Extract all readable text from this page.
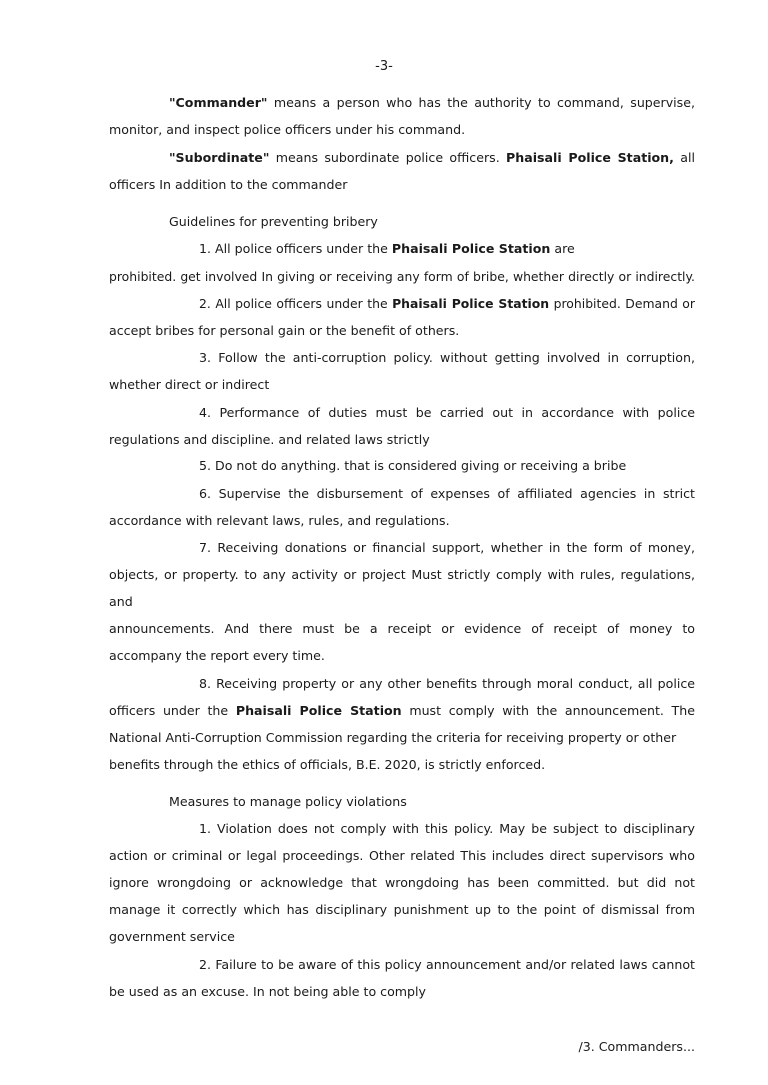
-3-
"Commander" means a person who has the authority to command, supervise,
monitor, and inspect police officers under his command.
"Subordinate" means subordinate police officers. Phaisali Police Station, all
officers In addition to the commander
Guidelines for preventing bribery
1. All police officers under the Phaisali Police Station are
prohibited. get involved In giving or receiving any form of bribe, whether directly or indirectly.
2. All police officers under the Phaisali Police Station prohibited. Demand or
accept bribes for personal gain or the benefit of others.
3. Follow the anti-corruption policy. without getting involved in corruption,
whether direct or indirect
4. Performance of duties must be carried out in accordance with police
regulations and discipline. and related laws strictly
5. Do not do anything. that is considered giving or receiving a bribe
6. Supervise the disbursement of expenses of affiliated agencies in strict
accordance with relevant laws, rules, and regulations.
7. Receiving donations or financial support, whether in the form of money,
objects, or property. to any activity or project Must strictly comply with rules, regulations,
and
announcements. And there must be a receipt or evidence of receipt of money to
accompany the report every time.
8. Receiving property or any other benefits through moral conduct, all police
officers under the Phaisali Police Station must comply with the announcement. The
National Anti-Corruption Commission regarding the criteria for receiving property or other
benefits through the ethics of officials, B.E. 2020, is strictly enforced.
Measures to manage policy violations
1. Violation does not comply with this policy. May be subject to disciplinary
action or criminal or legal proceedings. Other related This includes direct supervisors who
ignore wrongdoing or acknowledge that wrongdoing has been committed. but did not
manage it correctly which has disciplinary punishment up to the point of dismissal from
government service
2. Failure to be aware of this policy announcement and/or related laws cannot
be used as an excuse. In not being able to comply
/3. Commanders...
